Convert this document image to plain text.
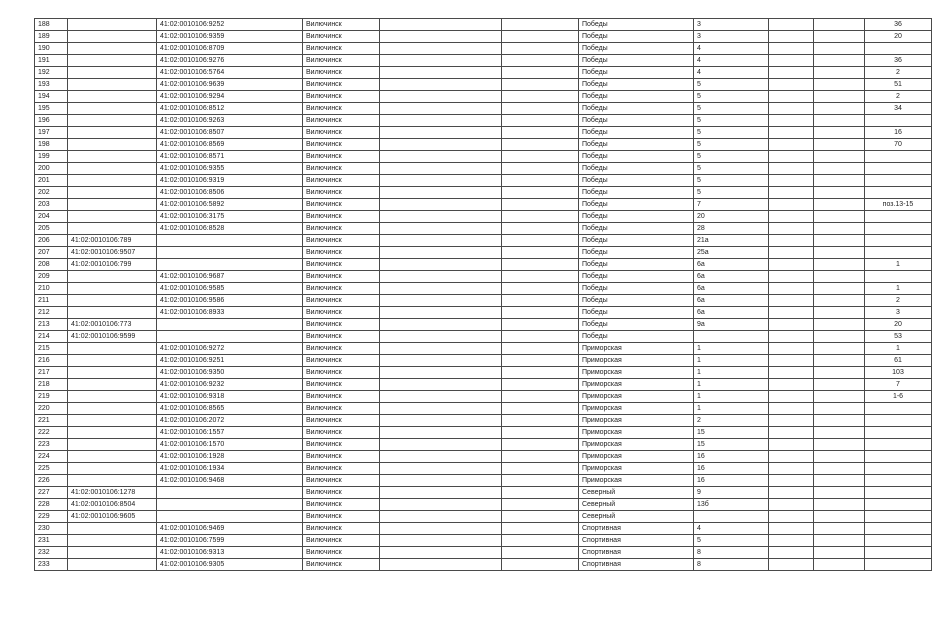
188		41:02:0010106:9252	Вилючинск			Победы	3			36
189		41:02:0010106:9359	Вилючинск			Победы	3			20
190		41:02:0010106:8709	Вилючинск			Победы	4			
191		41:02:0010106:9276	Вилючинск			Победы	4			36
192		41:02:0010106:5764	Вилючинск			Победы	4			2
193		41:02:0010106:9639	Вилючинск			Победы	5			51
194		41:02:0010106:9294	Вилючинск			Победы	5			2
195		41:02:0010106:8512	Вилючинск			Победы	5			34
196		41:02:0010106:9263	Вилючинск			Победы	5			
197		41:02:0010106:8507	Вилючинск			Победы	5			16
198		41:02:0010106:8569	Вилючинск			Победы	5			70
199		41:02:0010106:8571	Вилючинск			Победы	5			
200		41:02:0010106:9355	Вилючинск			Победы	5			
201		41:02:0010106:9319	Вилючинск			Победы	5			
202		41:02:0010106:8506	Вилючинск			Победы	5			
203		41:02:0010106:5892	Вилючинск			Победы	7			поз.13-15
204		41:02:0010106:3175	Вилючинск			Победы	20			
205		41:02:0010106:8528	Вилючинск			Победы	28			
206	41:02:0010106:789		Вилючинск			Победы	21а			
207	41:02:0010106:9507		Вилючинск			Победы	25а			
208	41:02:0010106:799		Вилючинск			Победы	6а			1
209		41:02:0010106:9687	Вилючинск			Победы	6а			
210		41:02:0010106:9585	Вилючинск			Победы	6а			1
211		41:02:0010106:9586	Вилючинск			Победы	6а			2
212		41:02:0010106:8933	Вилючинск			Победы	6а			3
213	41:02:0010106:773		Вилючинск			Победы	9а			20
214	41:02:0010106:9599		Вилючинск			Победы				53
215		41:02:0010106:9272	Вилючинск			Приморская	1			1
216		41:02:0010106:9251	Вилючинск			Приморская	1			61
217		41:02:0010106:9350	Вилючинск			Приморская	1			103
218		41:02:0010106:9232	Вилючинск			Приморская	1			7
219		41:02:0010106:9318	Вилючинск			Приморская	1			1-6
220		41:02:0010106:8565	Вилючинск			Приморская	1			
221		41:02:0010106:2072	Вилючинск			Приморская	2			
222		41:02:0010106:1557	Вилючинск			Приморская	15			
223		41:02:0010106:1570	Вилючинск			Приморская	15			
224		41:02:0010106:1928	Вилючинск			Приморская	16			
225		41:02:0010106:1934	Вилючинск			Приморская	16			
226		41:02:0010106:9468	Вилючинск			Приморская	16			
227	41:02:0010106:1278		Вилючинск			Северный	9			
228	41:02:0010106:8504		Вилючинск			Северный	13б			
229	41:02:0010106:9605		Вилючинск			Северный				
230		41:02:0010106:9469	Вилючинск			Спортивная	4			
231		41:02:0010106:7599	Вилючинск			Спортивная	5			
232		41:02:0010106:9313	Вилючинск			Спортивная	8			
233		41:02:0010106:9305	Вилючинск			Спортивная	8			
